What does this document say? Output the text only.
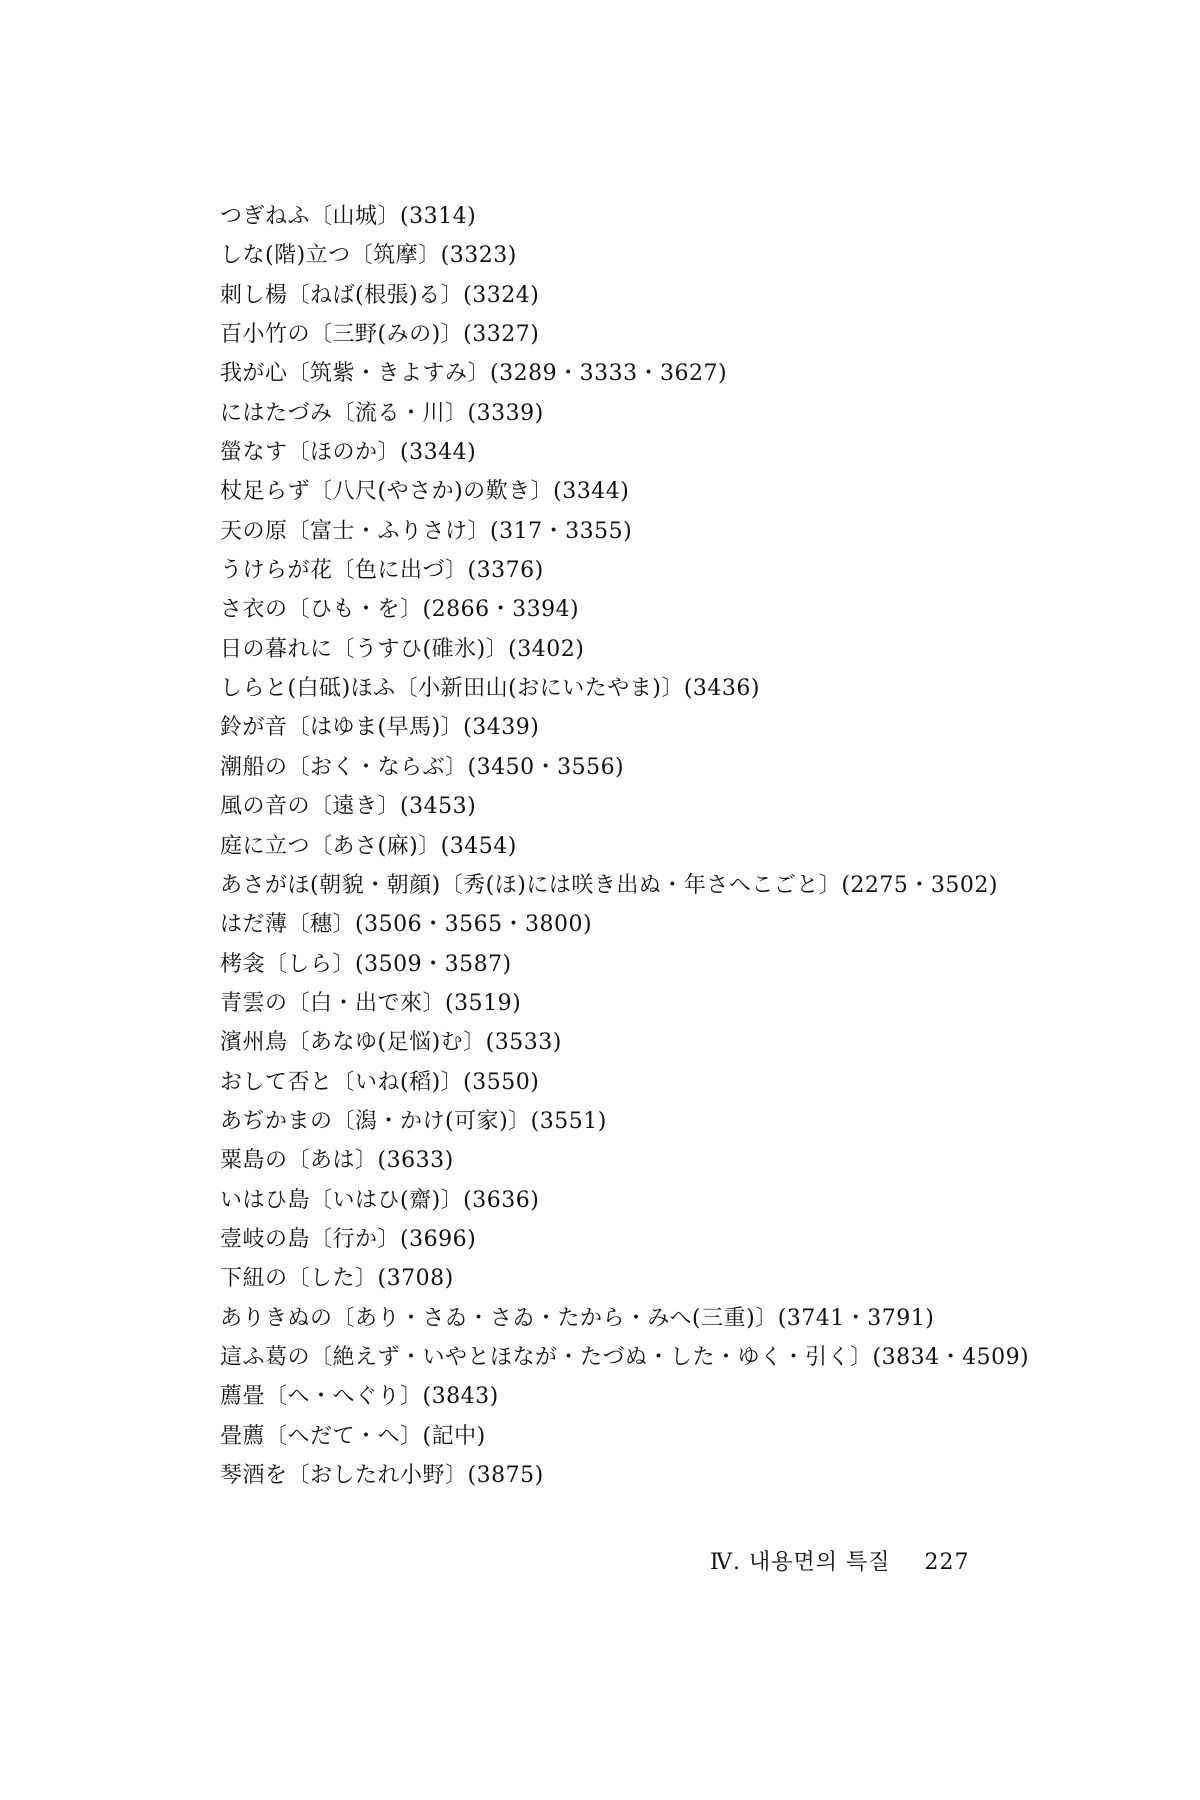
つぎねふ〔山城〕(3314)
しな(階)立つ〔筑摩〕(3323)
刺し楊〔ねば(根張)る〕(3324)
百小竹の〔三野(みの)〕(3327)
我が心〔筑紫・きよすみ〕(3289・3333・3627)
にはたづみ〔流る・川〕(3339)
螢なす〔ほのか〕(3344)
杖足らず〔八尺(やさか)の歎き〕(3344)
天の原〔富士・ふりさけ〕(317・3355)
うけらが花〔色に出づ〕(3376)
さ衣の〔ひも・を〕(2866・3394)
日の暮れに〔うすひ(碓氷)〕(3402)
しらと(白砥)ほふ〔小新田山(おにいたやま)〕(3436)
鈴が音〔はゆま(早馬)〕(3439)
潮船の〔おく・ならぶ〕(3450・3556)
風の音の〔遠き〕(3453)
庭に立つ〔あさ(麻)〕(3454)
あさがほ(朝貌・朝顔)〔秀(ほ)には咲き出ぬ・年さへこごと〕(2275・3502)
はだ薄〔穗〕(3506・3565・3800)
栲衾〔しら〕(3509・3587)
青雲の〔白・出で來〕(3519)
濱州鳥〔あなゆ(足悩)む〕(3533)
おして否と〔いね(稻)〕(3550)
あぢかまの〔潟・かけ(可家)〕(3551)
粟島の〔あは〕(3633)
いはひ島〔いはひ(齋)〕(3636)
壹岐の島〔行か〕(3696)
下紐の〔した〕(3708)
ありきぬの〔あり・さゐ・さゐ・たから・みへ(三重)〕(3741・3791)
這ふ葛の〔絶えず・いやとほなが・たづぬ・した・ゆく・引く〕(3834・4509)
薦畳〔へ・へぐり〕(3843)
畳薦〔へだて・へ〕(記中)
琴酒を〔おしたれ小野〕(3875)
Ⅳ. 내용면의 특질 227
